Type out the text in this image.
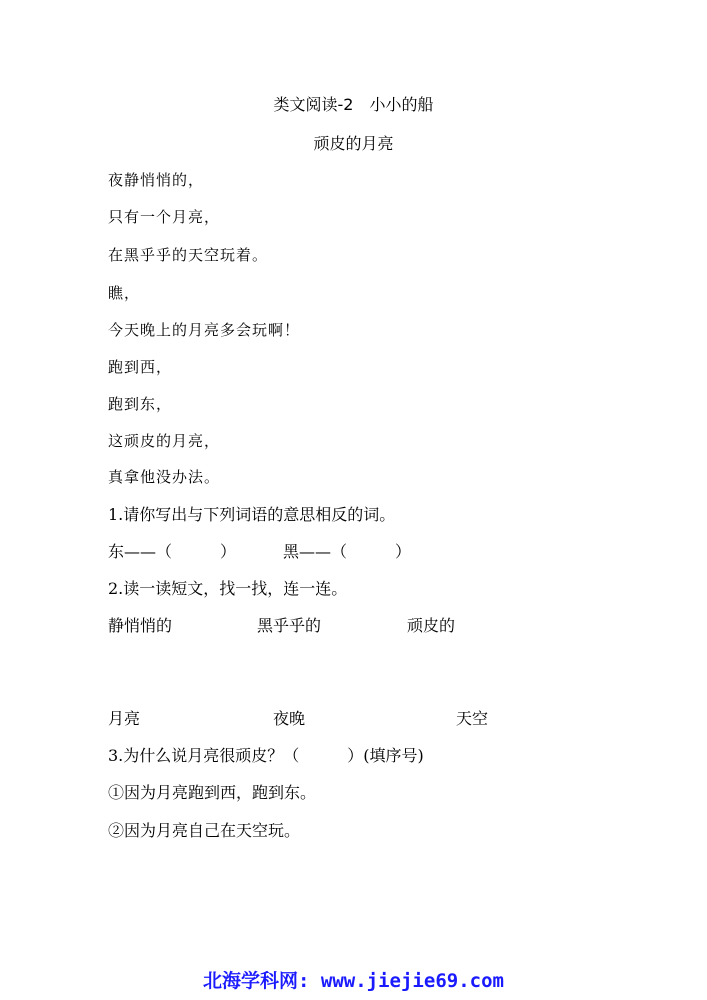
类文阅读-2　小小的船
顽皮的月亮
夜静悄悄的，
只有一个月亮，
在黑乎乎的天空玩着。
瞧，
今天晚上的月亮多会玩啊！
跑到西，
跑到东，
这顽皮的月亮，
真拿他没办法。
1.请你写出与下列词语的意思相反的词。
东——（　　　）	黑——（　　　）
2.读一读短文，找一找，连一连。
静悄悄的	黑乎乎的	顽皮的
月亮	夜晚	天空
3.为什么说月亮很顽皮？（　　　）(填序号)
①因为月亮跑到西，跑到东。
②因为月亮自己在天空玩。
北海学科网: www.jiejie69.com
